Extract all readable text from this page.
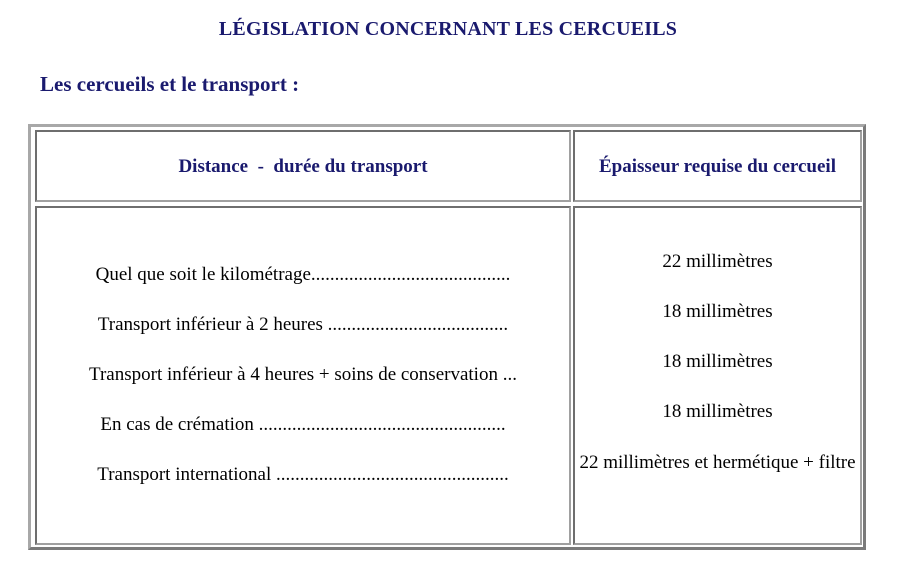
LÉGISLATION CONCERNANT LES CERCUEILS
Les cercueils et le transport :
Distance  -  durée du transport	Épaisseur requise du cercueil
Quel que soit le kilométrage..........................................
Transport inférieur à 2 heures ......................................
Transport inférieur à 4 heures + soins de conservation ...
En cas de crémation ....................................................
Transport international .................................................
22 millimètres
18 millimètres
18 millimètres
18 millimètres
22 millimètres et hermétique + filtre
